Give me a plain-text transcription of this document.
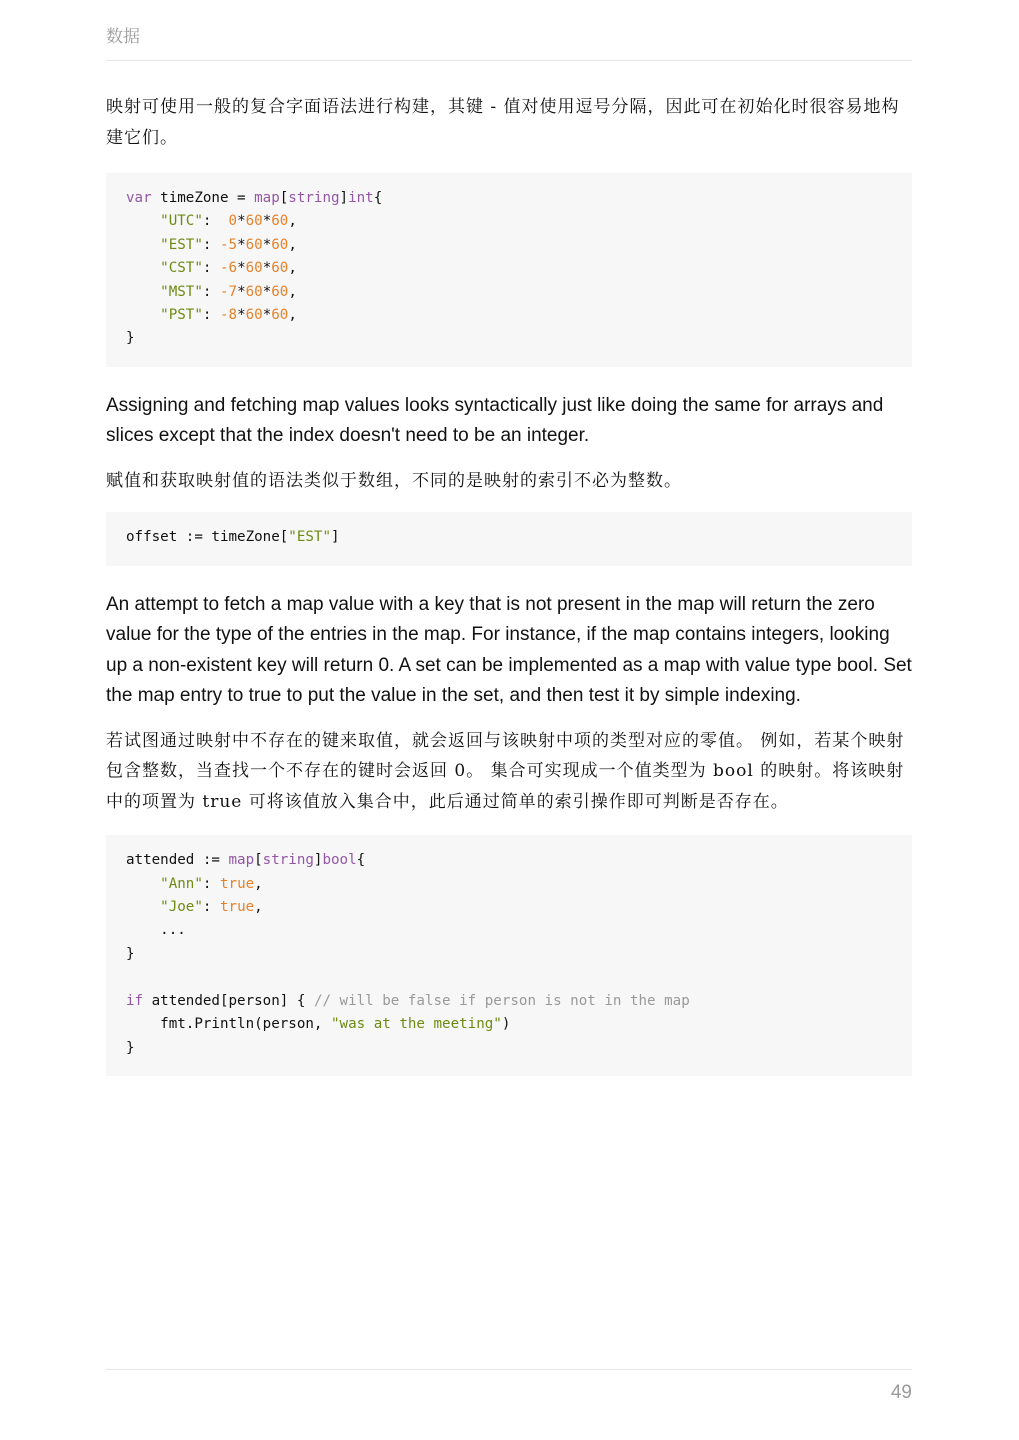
数据

映射可使用一般的复合字面语法进行构建，其键 - 值对使用逗号分隔，因此可在初始化时很容易地构建它们。

var timeZone = map[string]int{
"UTC":  0*60*60,
"EST": -5*60*60,
"CST": -6*60*60,
"MST": -7*60*60,
"PST": -8*60*60,
}

Assigning and fetching map values looks syntactically just like doing the same for arrays and slices except that the index doesn't need to be an integer.

赋值和获取映射值的语法类似于数组，不同的是映射的索引不必为整数。

offset := timeZone["EST"]

An attempt to fetch a map value with a key that is not present in the map will return the zero value for the type of the entries in the map. For instance, if the map contains integers, looking up a non-existent key will return 0. A set can be implemented as a map with value type bool. Set the map entry to true to put the value in the set, and then test it by simple indexing.

若试图通过映射中不存在的键来取值，就会返回与该映射中项的类型对应的零值。 例如，若某个映射包含整数，当查找一个不存在的键时会返回 0。 集合可实现成一个值类型为 bool 的映射。将该映射中的项置为 true 可将该值放入集合中，此后通过简单的索引操作即可判断是否存在。

attended := map[string]bool{
"Ann": true,
"Joe": true,
...
}

if attended[person] { // will be false if person is not in the map
fmt.Println(person, "was at the meeting")
}
49
